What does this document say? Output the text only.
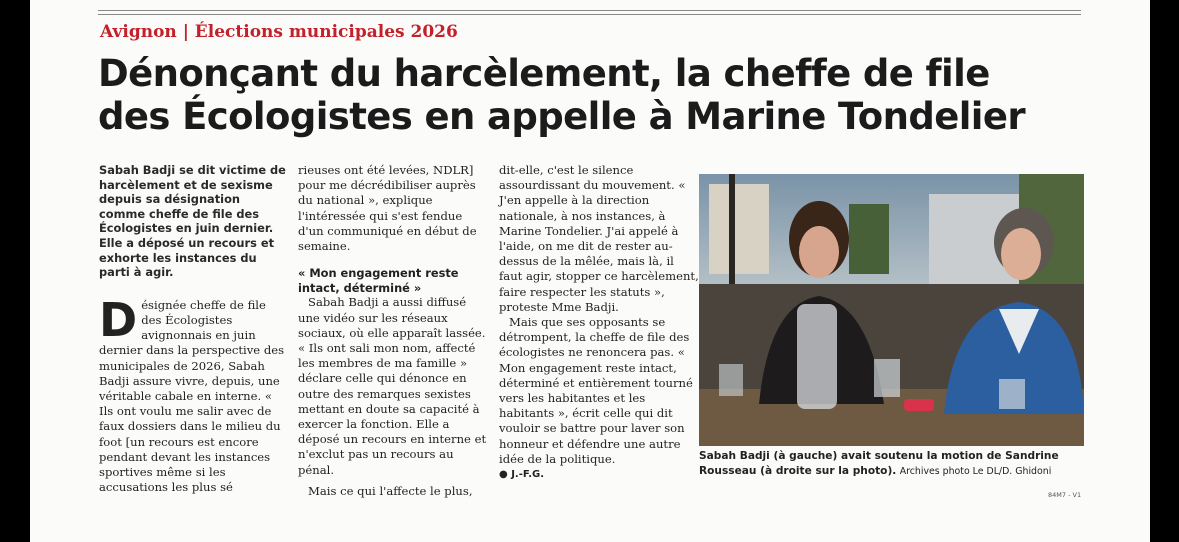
Avignon | Élections municipales 2026
Dénonçant du harcèlement, la cheffe de file
des Écologistes en appelle à Marine Tondelier

Sabah Badji se dit victime de harcèlement et de sexisme depuis sa désignation comme cheffe de file des Écologistes en juin dernier. Elle a déposé un recours et exhorte les instances du parti à agir.

D ésignée cheffe de file des Écologistes avignonnais en juin dernier dans la perspective des municipales de 2026, Sabah Badji assure vivre, depuis, une véritable cabale en interne. « Ils ont voulu me salir avec de faux dossiers dans le milieu du foot [un recours est encore pendant devant les instances sportives même si les accusations les plus sé

rieuses ont été levées, NDLR] pour me décrédibiliser auprès du national », explique l'intéressée qui s'est fendue d'un communiqué en début de semaine.

« Mon engagement reste intact, déterminé »

Sabah Badji a aussi diffusé une vidéo sur les réseaux sociaux, où elle apparaît lassée. « Ils ont sali mon nom, affecté les membres de ma famille » déclare celle qui dénonce en outre des remarques sexistes mettant en doute sa capacité à exercer la fonction. Elle a déposé un recours en interne et n'exclut pas un recours au pénal.

Mais ce qui l'affecte le plus,

dit-elle, c'est le silence assourdissant du mouvement. « J'en appelle à la direction nationale, à nos instances, à Marine Tondelier. J'ai appelé à l'aide, on me dit de rester au-dessus de la mêlée, mais là, il faut agir, stopper ce harcèlement, faire respecter les statuts », proteste Mme Badji.

Mais que ses opposants se détrompent, la cheffe de file des écologistes ne renoncera pas. « Mon engagement reste intact, déterminé et entièrement tourné vers les habitantes et les habitants », écrit celle qui dit vouloir se battre pour laver son honneur et défendre une autre idée de la politique.

● J.-F.G.

Sabah Badji (à gauche) avait soutenu la motion de Sandrine Rousseau (à droite sur la photo). Archives photo Le DL/D. Ghidoni
84M7 - V1
